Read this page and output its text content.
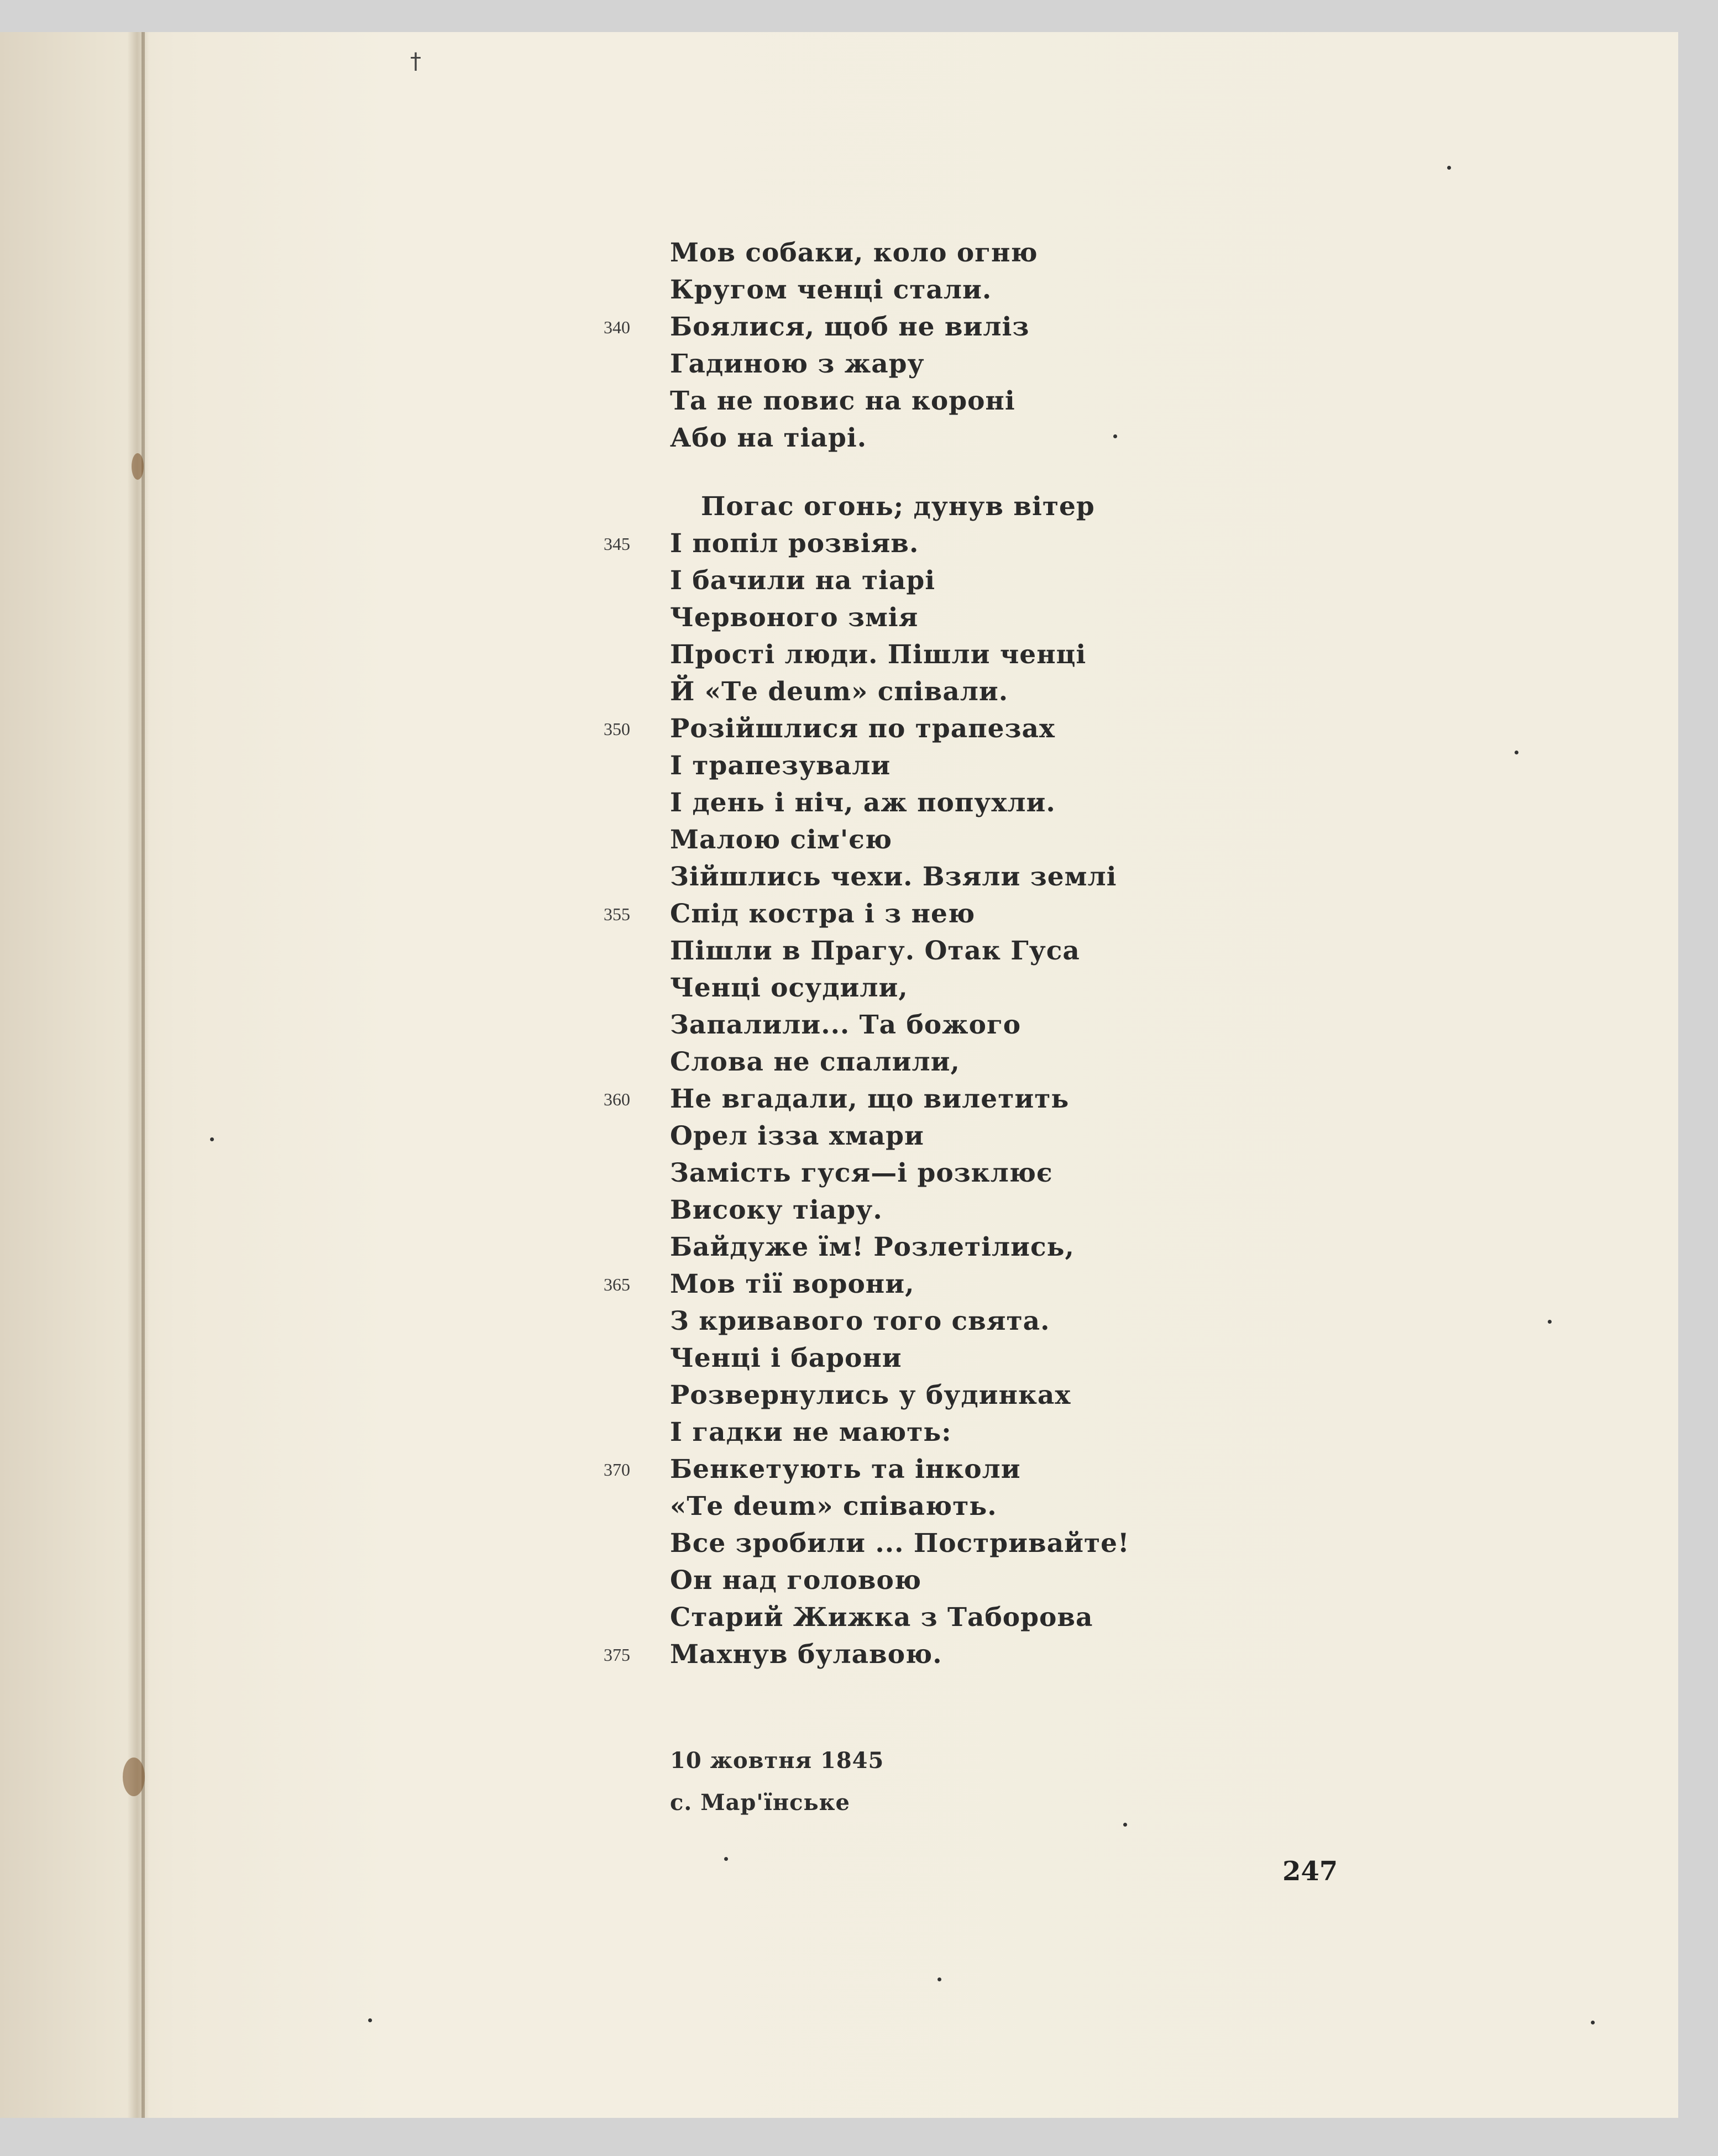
†
Мов собаки, коло огню
Кругом ченці стали.
Боялися, щоб не виліз
340
Гадиною з жару
Та не повис на короні
Або на тіарі.
Погас огонь; дунув вітер
І попіл розвіяв.
345
І бачили на тіарі
Червоного змія
Прості люди. Пішли ченці
Й «Те deum» співали.
Розійшлися по трапезах
350
І трапезували
І день і ніч, аж попухли.
Малою сім'єю
Зійшлись чехи. Взяли землі
Спід костра і з нею
355
Пішли в Прагу. Отак Гуса
Ченці осудили,
Запалили... Та божого
Слова не спалили,
Не вгадали, що вилетить
360
Орел ізза хмари
Замість гуся—і розклює
Високу тіару.
Байдуже їм! Розлетілись,
Мов тії ворони,
365
З кривавого того свята.
Ченці і барони
Розвернулись у будинках
І гадки не мають:
Бенкетують та інколи
370
«Те deum» співають.
Все зробили ... Постривайте!
Он над головою
Старий Жижка з Таборова
Махнув булавою.
375
10 жовтня 1845
с. Мар'їнське
247
